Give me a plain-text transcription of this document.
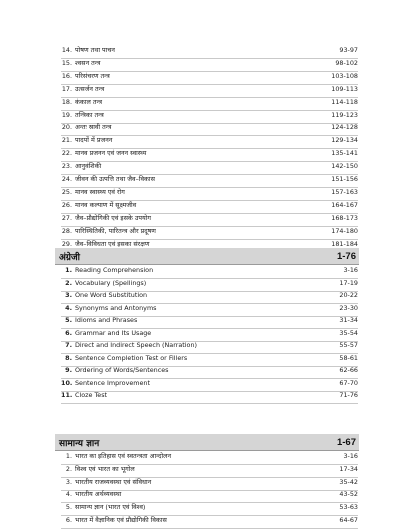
14. पोषण तथा पाचन	93-97
15. श्वसन तन्त्र	98-102
16. परिसंचरण तन्त्र	103-108
17. उत्सर्जन तन्त्र	109-113
18. कंकाल तन्त्र	114-118
19. तन्त्रिका तन्त्र	119-123
20. अन्तः स्रावी तन्त्र	124-128
21. पादपों में प्रजनन	129-134
22. मानव प्रजनन एवं जनन स्वास्थ्य	135-141
23. आनुवंशिकी	142-150
24. जीवन की उत्पत्ति तथा जैव–विकास	151-156
25. मानव स्वास्थ्य एवं रोग	157-163
26. मानव कल्याण में सूक्ष्मजीव	164-167
27. जैव–प्रौद्योगिकी एवं इसके उपयोग	168-173
28. पारिस्थितिकी, पारितन्त्र और प्रदूषण	174-180
29. जैव–विविधता एवं इसका संरक्षण	181-184
अंग्रेजी	1-76
1. Reading Comprehension	3-16
2. Vocabulary (Spellings)	17-19
3. One Word Substitution	20-22
4. Synonyms and Antonyms	23-30
5. Idioms and Phrases	31-34
6. Grammar and Its Usage	35-54
7. Direct and Indirect Speech (Narration)	55-57
8. Sentence Completion Test or Fillers	58-61
9. Ordering of Words/Sentences	62-66
10. Sentence Improvement	67-70
11. Cloze Test	71-76
सामान्य ज्ञान	1-67
1. भारत का इतिहास एवं स्वतन्त्रता आन्दोलन	3-16
2. विश्व एवं भारत का भूगोल	17-34
3. भारतीय राजव्यवस्था एवं संविधान	35-42
4. भारतीय अर्थव्यवस्था	43-52
5. सामान्य ज्ञान (भारत एवं विश्व)	53-63
6. भारत में वैज्ञानिक एवं प्रौद्योगिकी विकास	64-67
